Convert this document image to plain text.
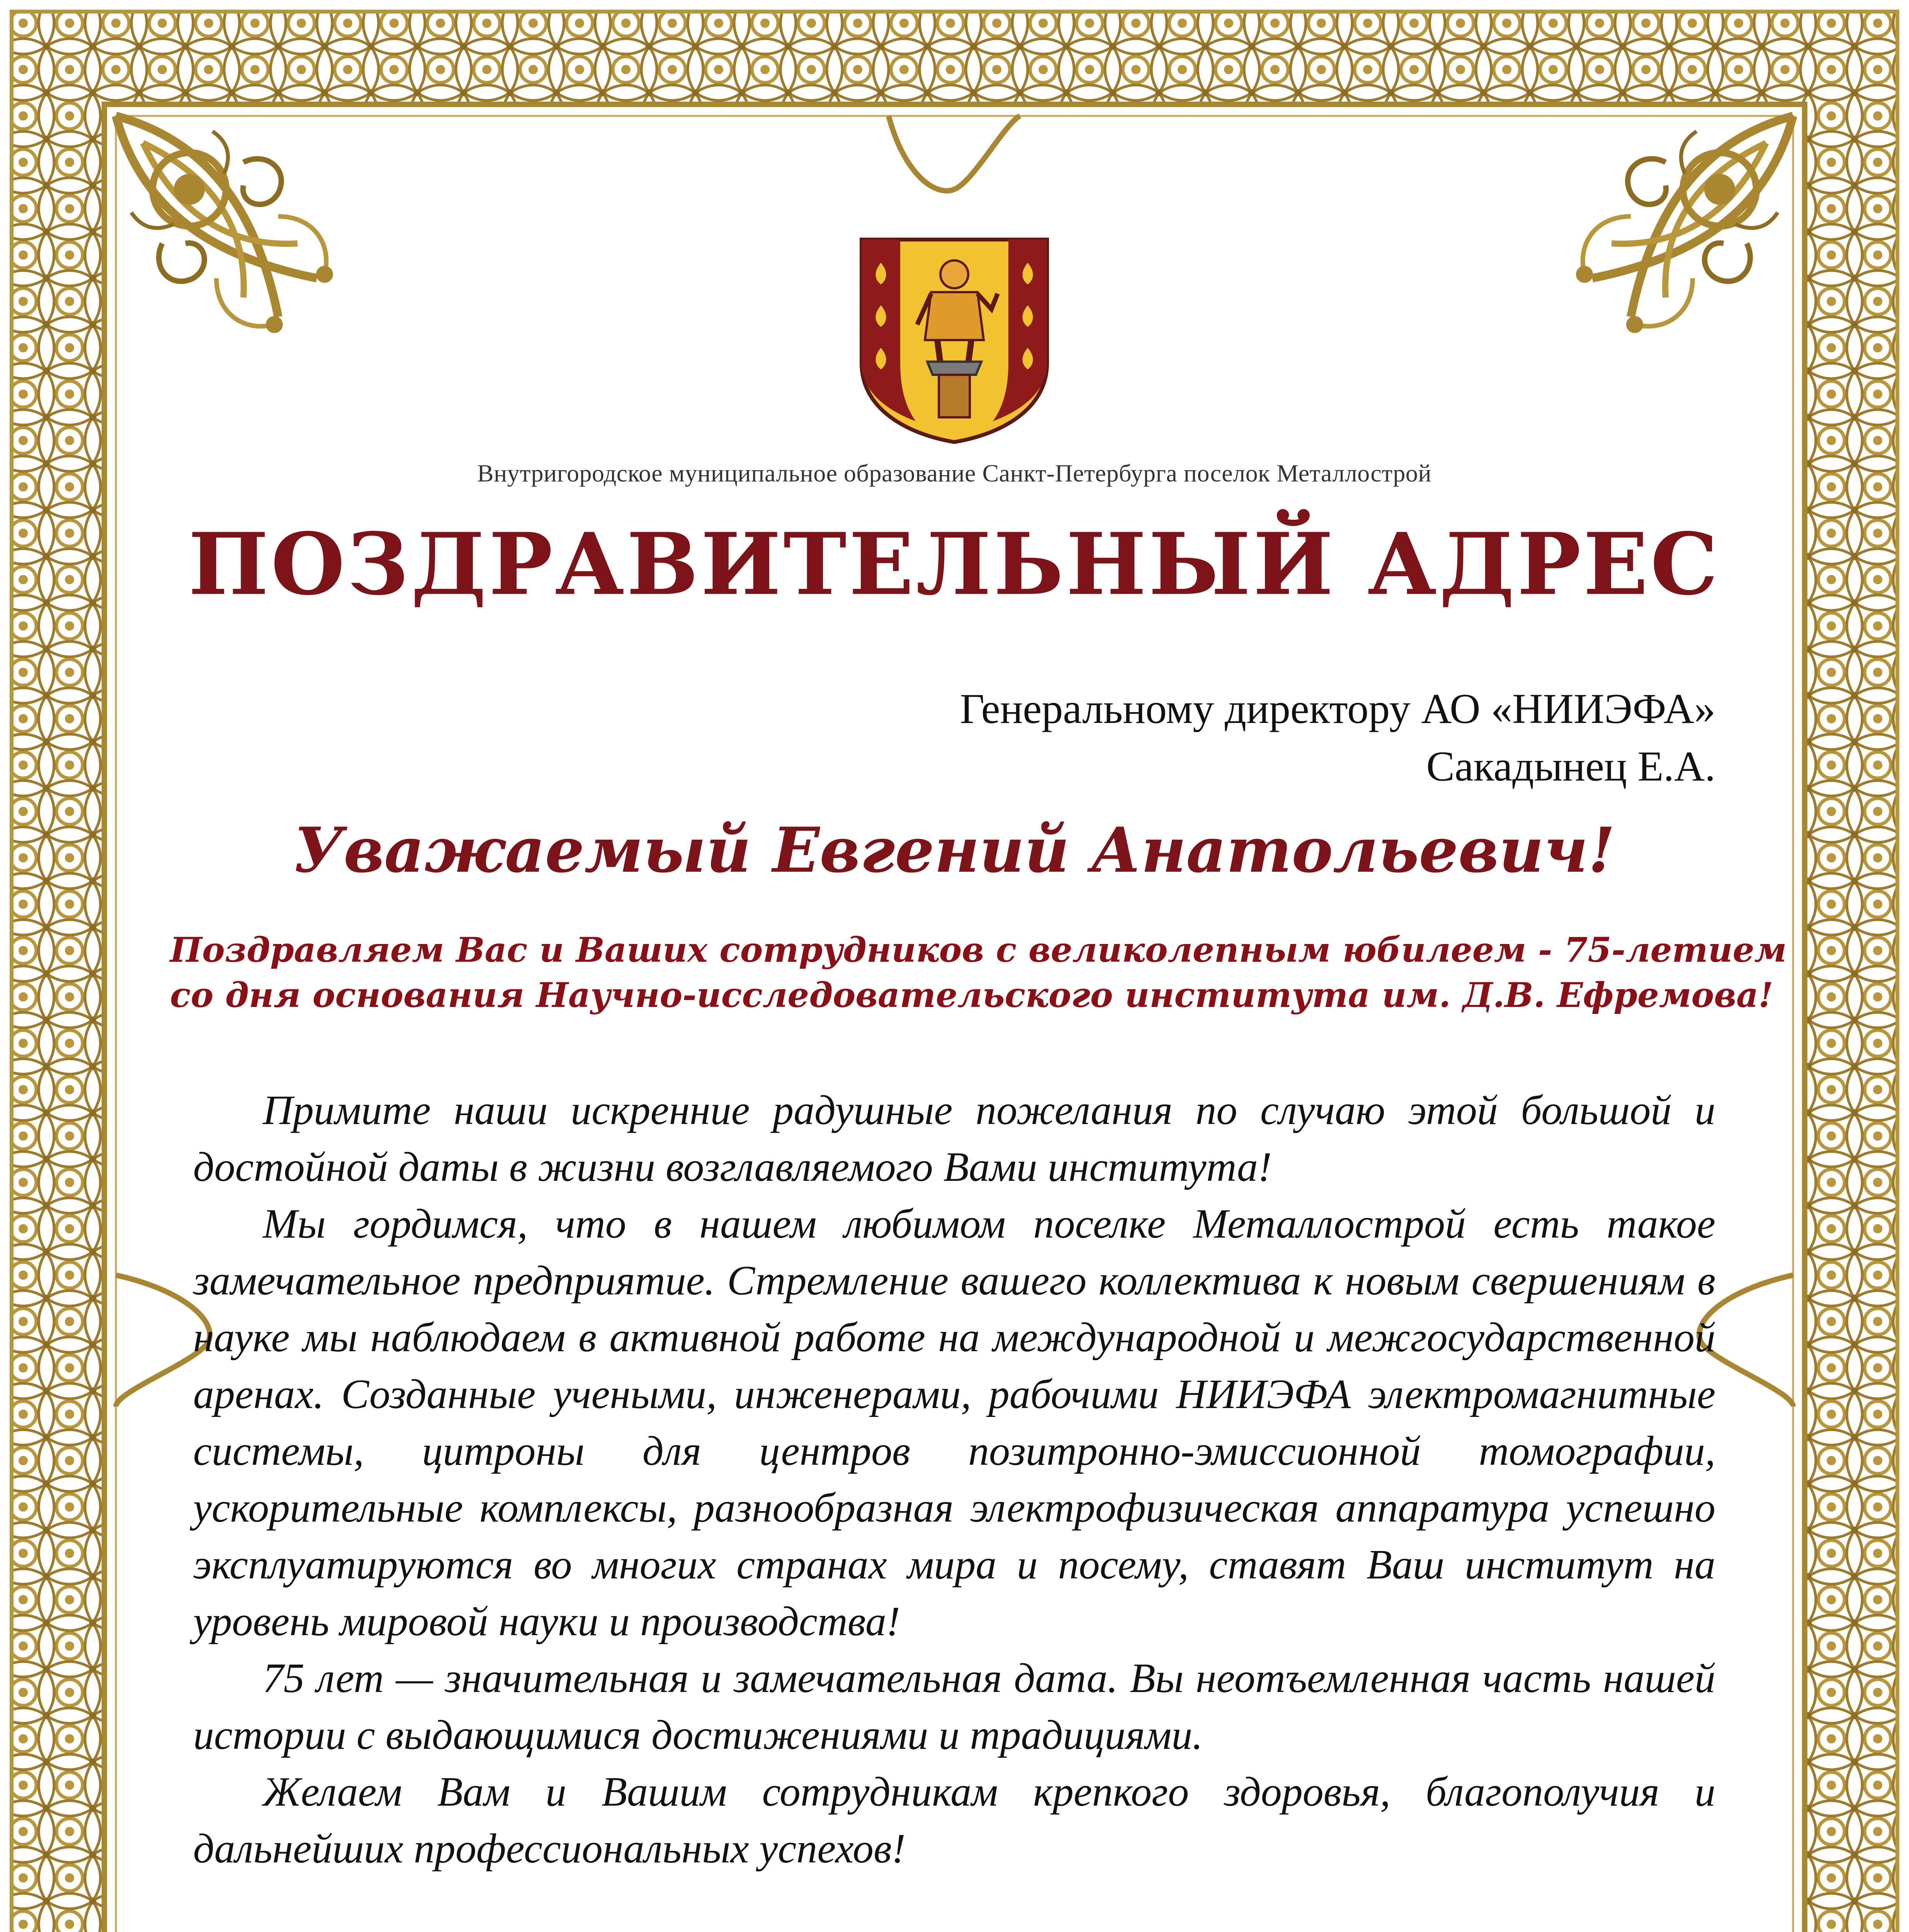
Внутригородское муниципальное образование Санкт-Петербурга поселок Металлострой
ПОЗДРАВИТЕЛЬНЫЙ АДРЕС
Генеральному директору АО «НИИЭФА»
Сакадынец Е.А.
Уважаемый Евгений Анатольевич!
Поздравляем Вас и Ваших сотрудников с великолепным юбилеем - 75-летием
со дня основания Научно-исследовательского института им. Д.В. Ефремова!

Примите наши искренние радушные пожелания по случаю этой большой и достойной даты в жизни возглавляемого Вами института!

Мы гордимся, что в нашем любимом поселке Металлострой есть такое замечательное предприятие. Стремление вашего коллектива к новым свершениям в науке мы наблюдаем в активной работе на международной и межгосударственной аренах. Созданные учеными, инженерами, рабочими НИИЭФА электромагнитные системы, цитроны для центров позитронно-эмиссионной томографии, ускорительные комплексы, разнообразная электрофизическая аппаратура успешно эксплуатируются во многих странах мира и посему, ставят Ваш институт на уровень мировой науки и производства!

75 лет — значительная и замечательная дата. Вы неотъемленная часть нашей истории с выдающимися достижениями и традициями.

Желаем Вам и Вашим сотрудникам крепкого здоровья, благополучия и дальнейших профессиональных успехов!
